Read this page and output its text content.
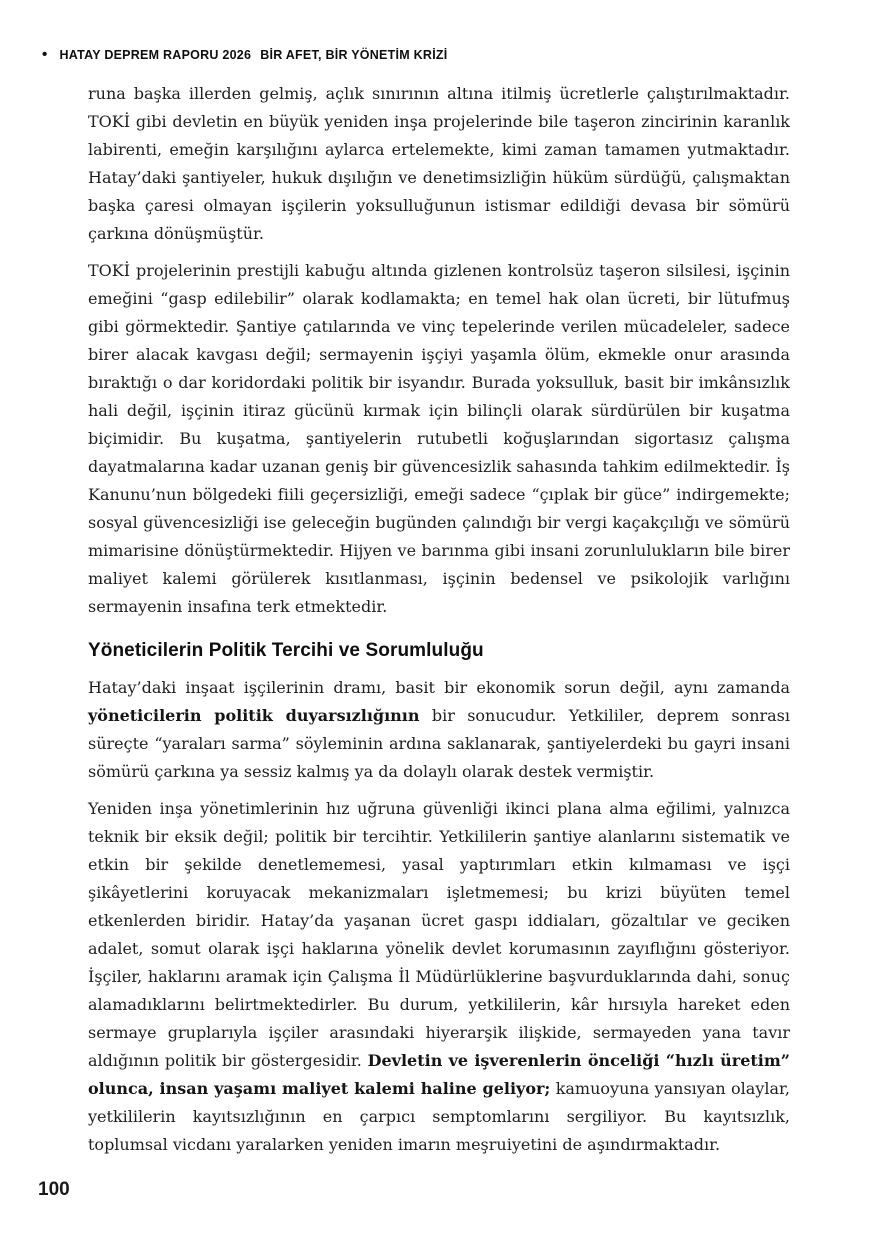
• HATAY DEPREM RAPORU 2026 BİR AFET, BİR YÖNETİM KRİZİ

runa başka illerden gelmiş, açlık sınırının altına itilmiş ücretlerle çalıştırılmaktadır. TOKİ gibi devletin en büyük yeniden inşa projelerinde bile taşeron zincirinin karanlık labirenti, emeğin karşılığını aylarca ertelemekte, kimi zaman tamamen yutmaktadır. Hatay’daki şantiyeler, hukuk dışılığın ve denetimsizliğin hüküm sürdüğü, çalışmaktan başka çaresi olmayan işçilerin yoksulluğunun istismar edildiği devasa bir sömürü çarkına dönüşmüştür.

TOKİ projelerinin prestijli kabuğu altında gizlenen kontrolsüz taşeron silsilesi, işçinin emeğini “gasp edilebilir” olarak kodlamakta; en temel hak olan ücreti, bir lütufmuş gibi görmektedir. Şantiye çatılarında ve vinç tepelerinde verilen mücadeleler, sadece birer alacak kavgası değil; sermayenin işçiyi yaşamla ölüm, ekmekle onur arasında bıraktığı o dar koridordaki politik bir isyandır. Burada yoksulluk, basit bir imkânsızlık hali değil, işçinin itiraz gücünü kırmak için bilinçli olarak sürdürülen bir kuşatma biçimidir. Bu kuşatma, şantiyelerin rutubetli koğuşlarından sigortasız çalışma dayatmalarına kadar uzanan geniş bir güvencesizlik sahasında tahkim edilmektedir. İş Kanunu’nun bölgedeki fiili geçersizliği, emeği sadece “çıplak bir güce” indirgemekte; sosyal güvencesizliği ise geleceğin bugünden çalındığı bir vergi kaçakçılığı ve sömürü mimarisine dönüştürmektedir. Hijyen ve barınma gibi insani zorunlulukların bile birer maliyet kalemi görülerek kısıtlanması, işçinin bedensel ve psikolojik varlığını sermayenin insafına terk etmektedir.

Yöneticilerin Politik Tercihi ve Sorumluluğu

Hatay’daki inşaat işçilerinin dramı, basit bir ekonomik sorun değil, aynı zamanda yöneticilerin politik duyarsızlığının bir sonucudur. Yetkililer, deprem sonrası süreçte “yaraları sarma” söyleminin ardına saklanarak, şantiyelerdeki bu gayri insani sömürü çarkına ya sessiz kalmış ya da dolaylı olarak destek vermiştir.

Yeniden inşa yönetimlerinin hız uğruna güvenliği ikinci plana alma eğilimi, yalnızca teknik bir eksik değil; politik bir tercihtir. Yetkililerin şantiye alanlarını sistematik ve etkin bir şekilde denetlememesi, yasal yaptırımları etkin kılmaması ve işçi şikâyetlerini koruyacak mekanizmaları işletmemesi; bu krizi büyüten temel etkenlerden biridir. Hatay’da yaşanan ücret gaspı iddiaları, gözaltılar ve geciken adalet, somut olarak işçi haklarına yönelik devlet korumasının zayıflığını gösteriyor. İşçiler, haklarını aramak için Çalışma İl Müdürlüklerine başvurduklarında dahi, sonuç alamadıklarını belirtmektedirler. Bu durum, yetkililerin, kâr hırsıyla hareket eden sermaye gruplarıyla işçiler arasındaki hiyerarşik ilişkide, sermayeden yana tavır aldığının politik bir göstergesidir. Devletin ve işverenlerin önceliği “hızlı üretim” olunca, insan yaşamı maliyet kalemi haline geliyor; kamuoyuna yansıyan olaylar, yetkililerin kayıtsızlığının en çarpıcı semptomlarını sergiliyor. Bu kayıtsızlık, toplumsal vicdanı yaralarken yeniden imarın meşruiyetini de aşındırmaktadır.

100
